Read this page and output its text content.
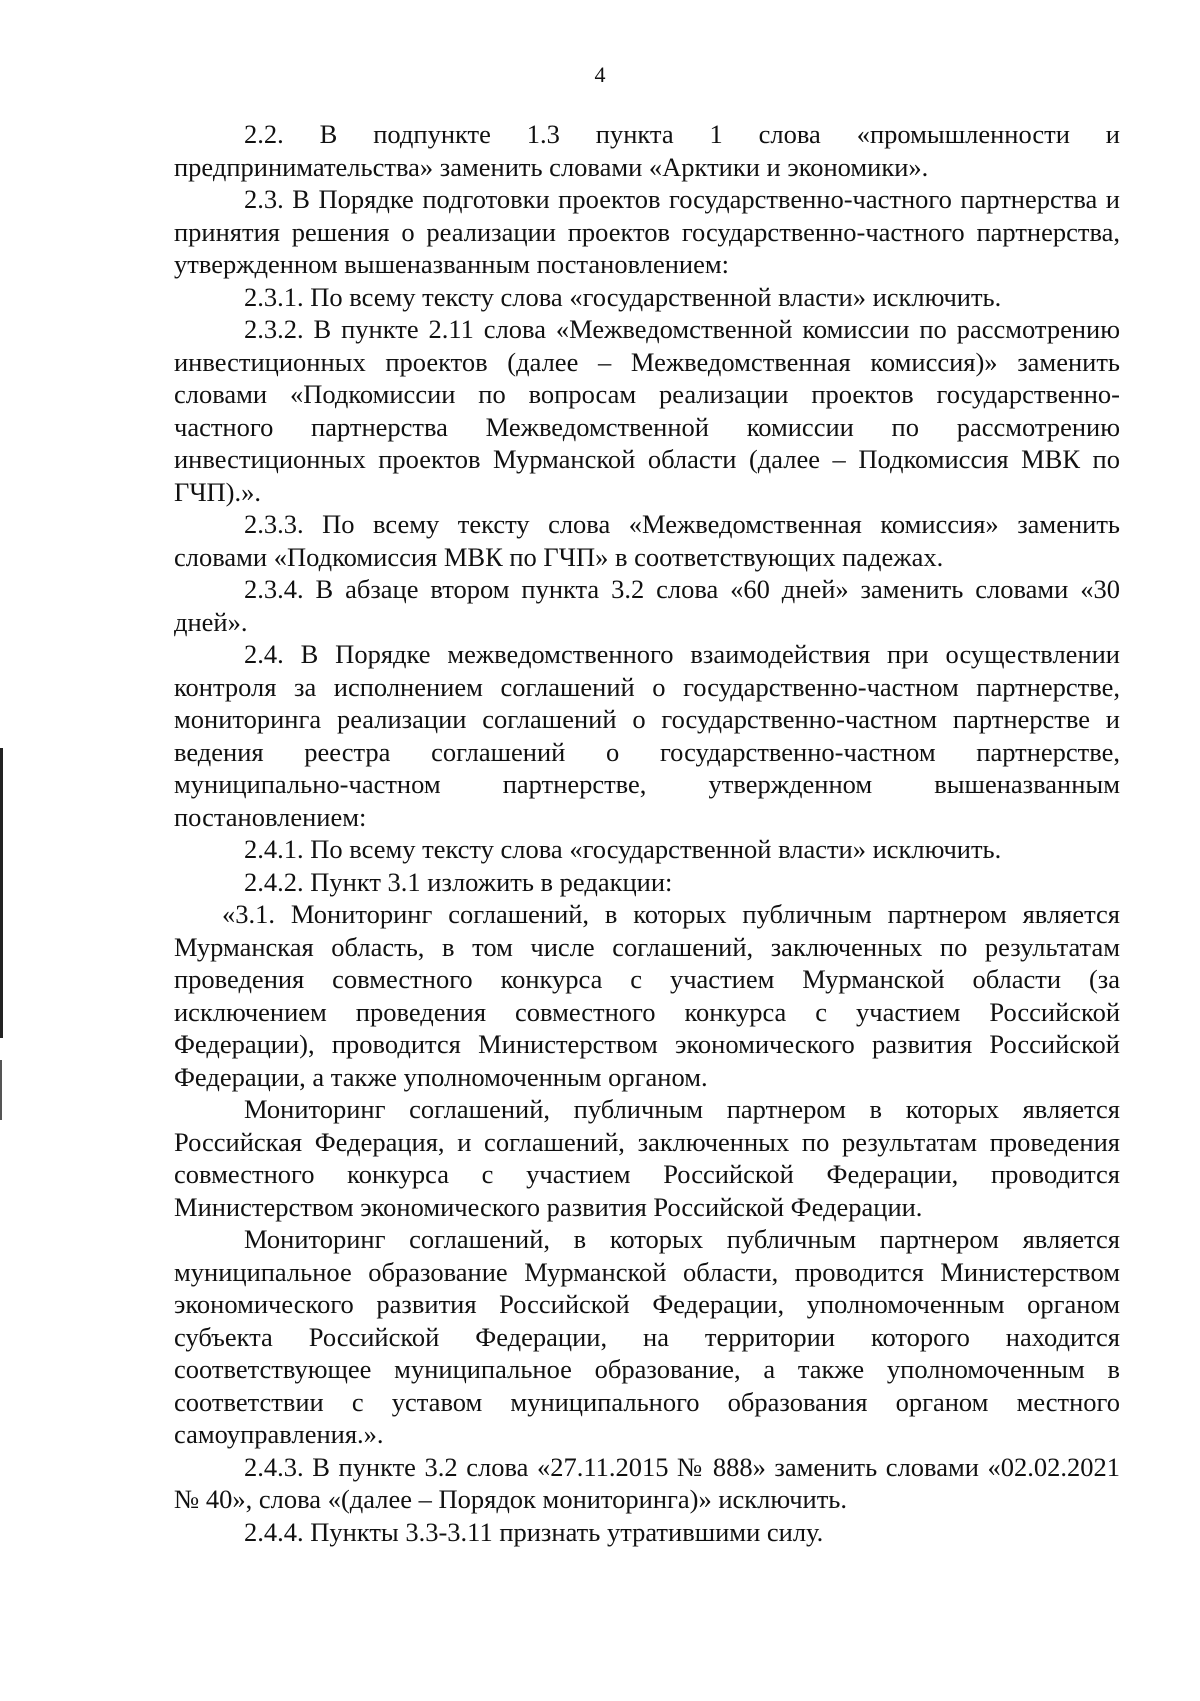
4

2.2. В подпункте 1.3 пункта 1 слова «промышленности и предпринимательства» заменить словами «Арктики и экономики».

2.3. В Порядке подготовки проектов государственно-частного партнерства и принятия решения о реализации проектов государственно-частного партнерства, утвержденном вышеназванным постановлением:

2.3.1. По всему тексту слова «государственной власти» исключить.

2.3.2. В пункте 2.11 слова «Межведомственной комиссии по рассмотрению инвестиционных проектов (далее – Межведомственная комиссия)» заменить словами «Подкомиссии по вопросам реализации проектов государственно-частного партнерства Межведомственной комиссии по рассмотрению инвестиционных проектов Мурманской области (далее – Подкомиссия МВК по ГЧП).».

2.3.3. По всему тексту слова «Межведомственная комиссия» заменить словами «Подкомиссия МВК по ГЧП» в соответствующих падежах.

2.3.4. В абзаце втором пункта 3.2 слова «60 дней» заменить словами «30 дней».

2.4. В Порядке межведомственного взаимодействия при осуществлении контроля за исполнением соглашений о государственно-частном партнерстве, мониторинга реализации соглашений о государственно-частном партнерстве и ведения реестра соглашений о государственно-частном партнерстве, муниципально-частном партнерстве, утвержденном вышеназванным постановлением:

2.4.1. По всему тексту слова «государственной власти» исключить.

2.4.2. Пункт 3.1 изложить в редакции:

«3.1. Мониторинг соглашений, в которых публичным партнером является Мурманская область, в том числе соглашений, заключенных по результатам проведения совместного конкурса с участием Мурманской области (за исключением проведения совместного конкурса с участием Российской Федерации), проводится Министерством экономического развития Российской Федерации, а также уполномоченным органом.

Мониторинг соглашений, публичным партнером в которых является Российская Федерация, и соглашений, заключенных по результатам проведения совместного конкурса с участием Российской Федерации, проводится Министерством экономического развития Российской Федерации.

Мониторинг соглашений, в которых публичным партнером является муниципальное образование Мурманской области, проводится Министерством экономического развития Российской Федерации, уполномоченным органом субъекта Российской Федерации, на территории которого находится соответствующее муниципальное образование, а также уполномоченным в соответствии с уставом муниципального образования органом местного самоуправления.».

2.4.3. В пункте 3.2 слова «27.11.2015 № 888» заменить словами «02.02.2021 № 40», слова «(далее – Порядок мониторинга)» исключить.

2.4.4. Пункты 3.3-3.11 признать утратившими силу.
